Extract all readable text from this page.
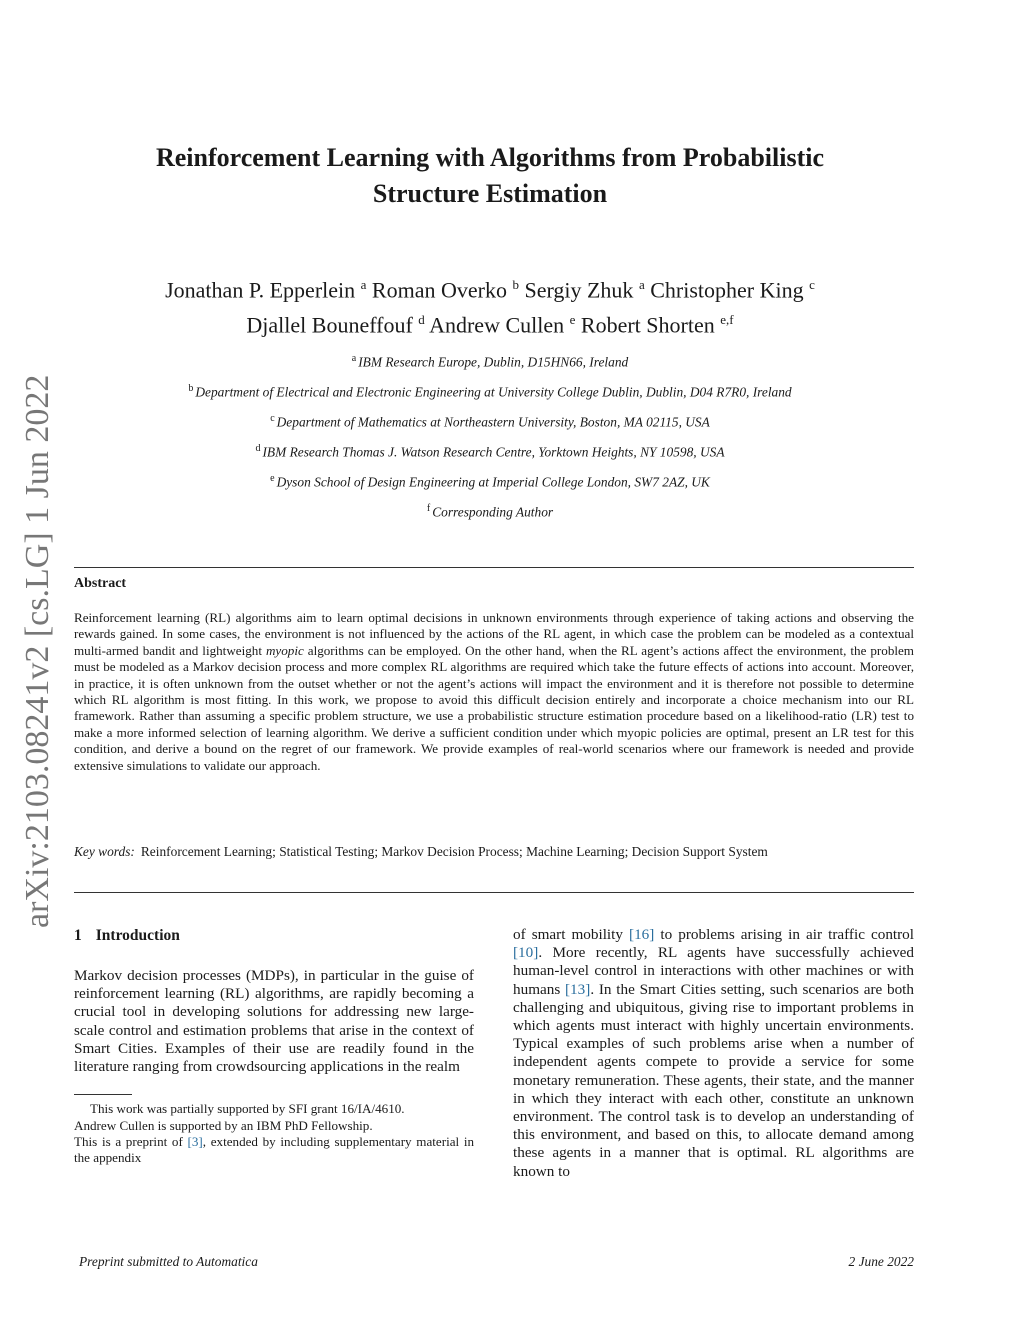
arXiv:2103.08241v2 [cs.LG] 1 Jun 2022
Reinforcement Learning with Algorithms from Probabilistic
Structure Estimation
Jonathan P. Epperlein $^a$ Roman Overko $^b$ Sergiy Zhuk $^a$ Christopher King $^c$
Djallel Bouneffouf $^d$ Andrew Cullen $^e$ Robert Shorten $^{e,f}$
$^a$ IBM Research Europe, Dublin, D15HN66, Ireland
$^b$ Department of Electrical and Electronic Engineering at University College Dublin, Dublin, D04 R7R0, Ireland
$^c$ Department of Mathematics at Northeastern University, Boston, MA 02115, USA
$^d$ IBM Research Thomas J. Watson Research Centre, Yorktown Heights, NY 10598, USA
$^e$ Dyson School of Design Engineering at Imperial College London, SW7 2AZ, UK
$^f$ Corresponding Author
Abstract
Reinforcement learning (RL) algorithms aim to learn optimal decisions in unknown environments through experience of taking actions and observing the rewards gained. In some cases, the environment is not influenced by the actions of the RL agent, in which case the problem can be modeled as a contextual multi-armed bandit and lightweight myopic algorithms can be employed. On the other hand, when the RL agent’s actions affect the environment, the problem must be modeled as a Markov decision process and more complex RL algorithms are required which take the future effects of actions into account. Moreover, in practice, it is often unknown from the outset whether or not the agent’s actions will impact the environment and it is therefore not possible to determine which RL algorithm is most fitting. In this work, we propose to avoid this difficult decision entirely and incorporate a choice mechanism into our RL framework. Rather than assuming a specific problem structure, we use a probabilistic structure estimation procedure based on a likelihood-ratio (LR) test to make a more informed selection of learning algorithm. We derive a sufficient condition under which myopic policies are optimal, present an LR test for this condition, and derive a bound on the regret of our framework. We provide examples of real-world scenarios where our framework is needed and provide extensive simulations to validate our approach.
Key words: Reinforcement Learning; Statistical Testing; Markov Decision Process; Machine Learning; Decision Support System
1 Introduction

Markov decision processes (MDPs), in particular in the guise of reinforcement learning (RL) algorithms, are rapidly becoming a crucial tool in developing solutions for addressing new large-scale control and estimation problems that arise in the context of Smart Cities. Examples of their use are readily found in the literature ranging from crowdsourcing applications in the realm

This work was partially supported by SFI grant 16/IA/4610.

Andrew Cullen is supported by an IBM PhD Fellowship.

This is a preprint of [3], extended by including supplementary material in the appendix

of smart mobility [16] to problems arising in air traffic control [10]. More recently, RL agents have successfully achieved human-level control in interactions with other machines or with humans [13]. In the Smart Cities setting, such scenarios are both challenging and ubiquitous, giving rise to important problems in which agents must interact with highly uncertain environments. Typical examples of such problems arise when a number of independent agents compete to provide a service for some monetary remuneration. These agents, their state, and the manner in which they interact with each other, constitute an unknown environment. The control task is to develop an understanding of this environment, and based on this, to allocate demand among these agents in a manner that is optimal. RL algorithms are known to

Preprint submitted to Automatica	2 June 2022
